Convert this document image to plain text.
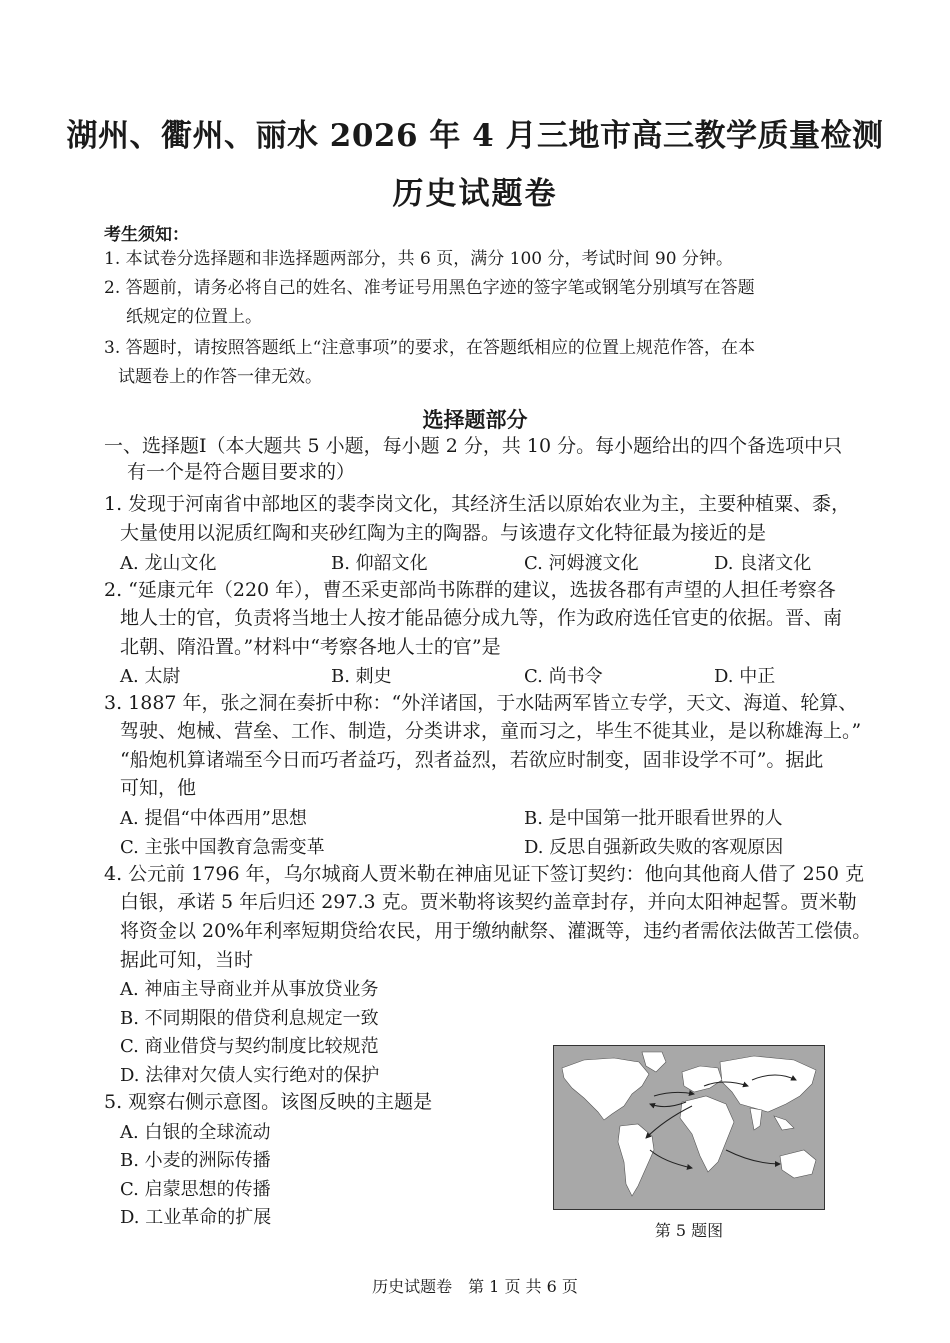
湖州、衢州、丽水 2026 年 4 月三地市高三教学质量检测
历史试题卷
考生须知：
1. 本试卷分选择题和非选择题两部分，共 6 页，满分 100 分，考试时间 90 分钟。
2. 答题前，请务必将自己的姓名、准考证号用黑色字迹的签字笔或钢笔分别填写在答题
纸规定的位置上。
3. 答题时，请按照答题纸上“注意事项”的要求，在答题纸相应的位置上规范作答，在本
试题卷上的作答一律无效。
选择题部分
一、选择题Ⅰ（本大题共 5 小题，每小题 2 分，共 10 分。每小题给出的四个备选项中只
有一个是符合题目要求的）
1. 发现于河南省中部地区的裴李岗文化，其经济生活以原始农业为主，主要种植粟、黍，
大量使用以泥质红陶和夹砂红陶为主的陶器。与该遗存文化特征最为接近的是
A. 龙山文化	B. 仰韶文化	C. 河姆渡文化	D. 良渚文化
2. “延康元年（220 年），曹丕采吏部尚书陈群的建议，选拔各郡有声望的人担任考察各
地人士的官，负责将当地士人按才能品德分成九等，作为政府选任官吏的依据。晋、南
北朝、隋沿置。”材料中“考察各地人士的官”是
A. 太尉	B. 刺史	C. 尚书令	D. 中正
3. 1887 年，张之洞在奏折中称：“外洋诸国，于水陆两军皆立专学，天文、海道、轮算、
驾驶、炮械、营垒、工作、制造，分类讲求，童而习之，毕生不徙其业，是以称雄海上。”
“船炮机算诸端至今日而巧者益巧，烈者益烈，若欲应时制变，固非设学不可”。据此
可知，他
A. 提倡“中体西用”思想	B. 是中国第一批开眼看世界的人
C. 主张中国教育急需变革	D. 反思自强新政失败的客观原因
4. 公元前 1796 年，乌尔城商人贾米勒在神庙见证下签订契约：他向其他商人借了 250 克
白银，承诺 5 年后归还 297.3 克。贾米勒将该契约盖章封存，并向太阳神起誓。贾米勒
将资金以 20%年利率短期贷给农民，用于缴纳献祭、灌溉等，违约者需依法做苦工偿债。
据此可知，当时
A. 神庙主导商业并从事放贷业务
B. 不同期限的借贷利息规定一致
C. 商业借贷与契约制度比较规范
D. 法律对欠债人实行绝对的保护
5. 观察右侧示意图。该图反映的主题是
A. 白银的全球流动
B. 小麦的洲际传播
C. 启蒙思想的传播
D. 工业革命的扩展
第 5 题图
历史试题卷　第 1 页 共 6 页
